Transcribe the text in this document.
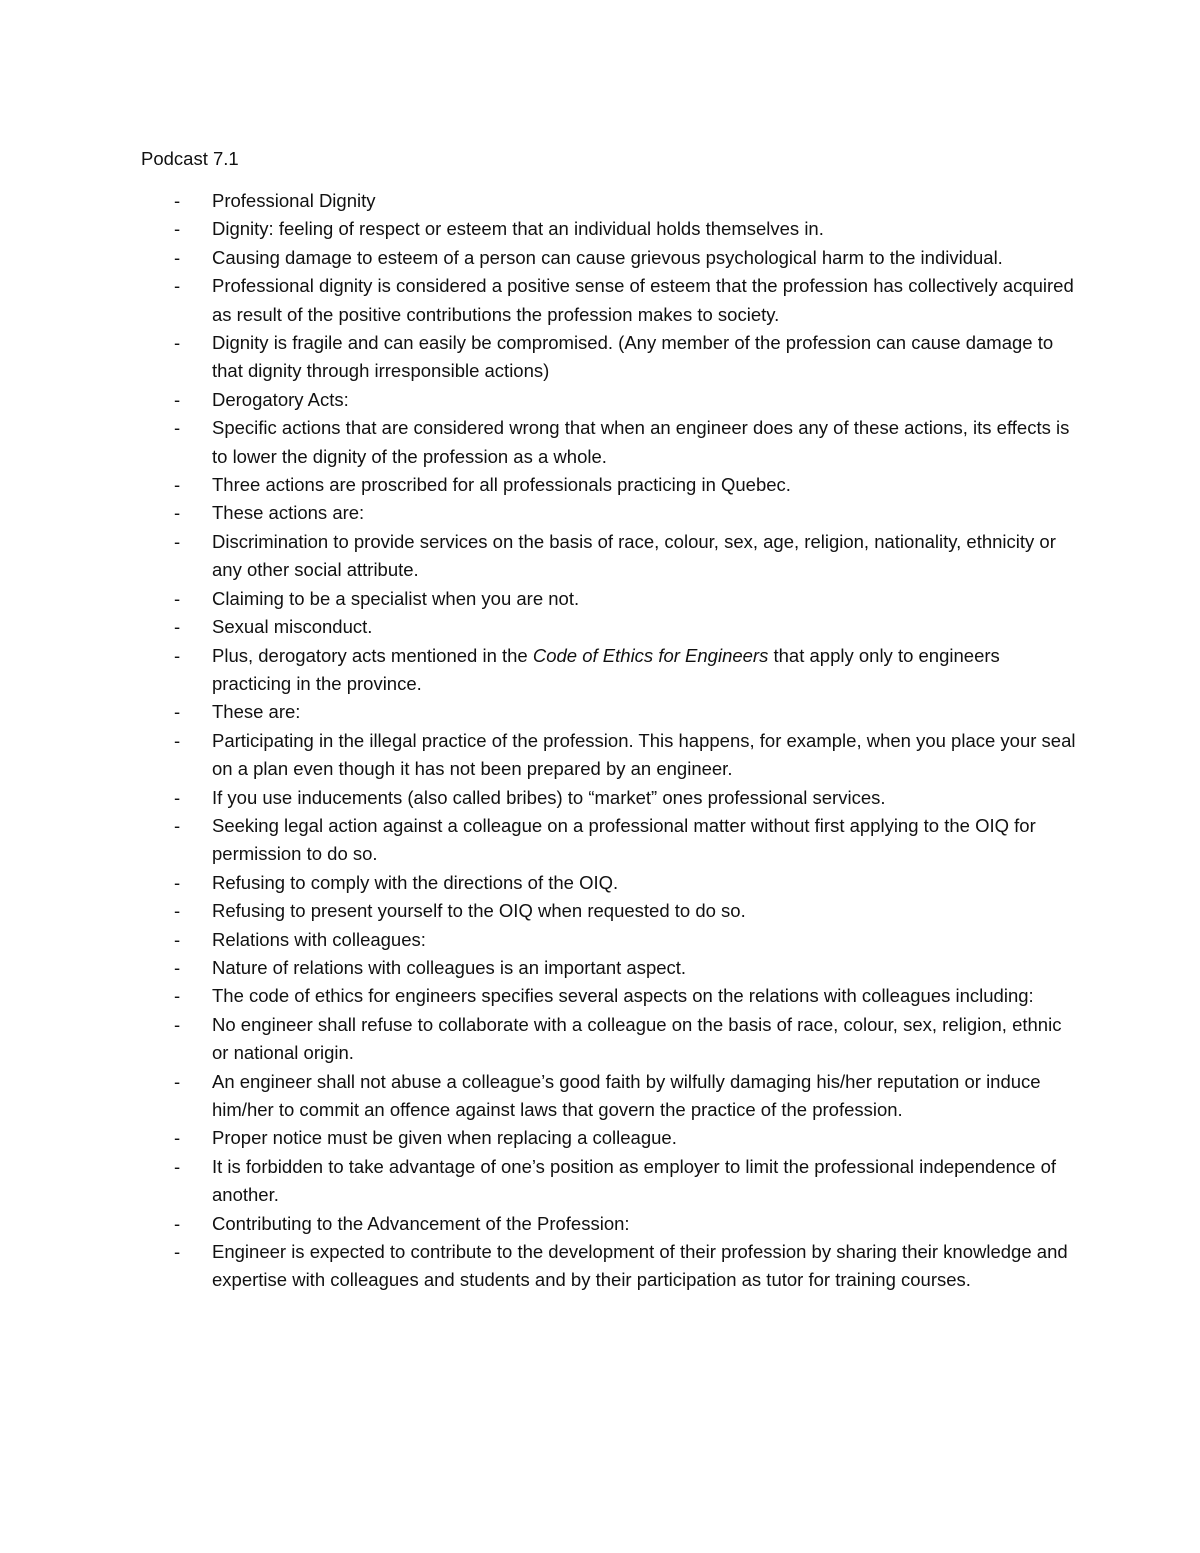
Podcast 7.1
- Professional Dignity
- Dignity: feeling of respect or esteem that an individual holds themselves in.
- Causing damage to esteem of a person can cause grievous psychological harm to the individual.
- Professional dignity is considered a positive sense of esteem that the profession has collectively acquired as result of the positive contributions the profession makes to society.
- Dignity is fragile and can easily be compromised. (Any member of the profession can cause damage to that dignity through irresponsible actions)
- Derogatory Acts:
- Specific actions that are considered wrong that when an engineer does any of these actions, its effects is to lower the dignity of the profession as a whole.
- Three actions are proscribed for all professionals practicing in Quebec.
- These actions are:
- Discrimination to provide services on the basis of race, colour, sex, age, religion, nationality, ethnicity or any other social attribute.
- Claiming to be a specialist when you are not.
- Sexual misconduct.
- Plus, derogatory acts mentioned in the Code of Ethics for Engineers that apply only to engineers practicing in the province.
- These are:
- Participating in the illegal practice of the profession. This happens, for example, when you place your seal on a plan even though it has not been prepared by an engineer.
- If you use inducements (also called bribes) to “market” ones professional services.
- Seeking legal action against a colleague on a professional matter without first applying to the OIQ for permission to do so.
- Refusing to comply with the directions of the OIQ.
- Refusing to present yourself to the OIQ when requested to do so.
- Relations with colleagues:
- Nature of relations with colleagues is an important aspect.
- The code of ethics for engineers specifies several aspects on the relations with colleagues including:
- No engineer shall refuse to collaborate with a colleague on the basis of race, colour, sex, religion, ethnic or national origin.
- An engineer shall not abuse a colleague’s good faith by wilfully damaging his/her reputation or induce him/her to commit an offence against laws that govern the practice of the profession.
- Proper notice must be given when replacing a colleague.
- It is forbidden to take advantage of one’s position as employer to limit the professional independence of another.
- Contributing to the Advancement of the Profession:
- Engineer is expected to contribute to the development of their profession by sharing their knowledge and expertise with colleagues and students and by their participation as tutor for training courses.
